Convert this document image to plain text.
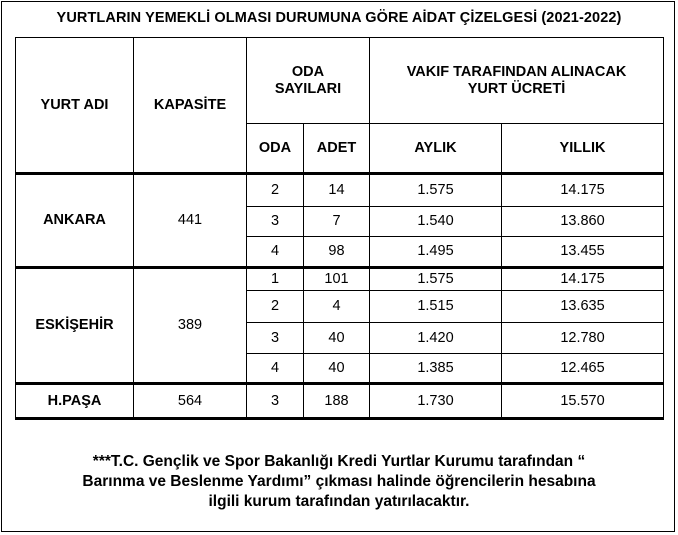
YURTLARIN YEMEKLİ OLMASI DURUMUNA GÖRE AİDAT ÇİZELGESİ (2021-2022)
YURT ADI	KAPASİTE	ODA
SAYILARI		VAKIF TARAFINDAN ALINACAK
YURT ÜCRETİ	
		ODA	ADET	AYLIK	YILLIK
ANKARA	441	2	14	1.575	14.175
		3	7	1.540	13.860
		4	98	1.495	13.455
ESKİŞEHİR	389	1	101	1.575	14.175
		2	4	1.515	13.635
		3	40	1.420	12.780
		4	40	1.385	12.465
H.PAŞA	564	3	188	1.730	15.570
***T.C. Gençlik ve Spor Bakanlığı Kredi Yurtlar Kurumu tarafından “
Barınma ve Beslenme Yardımı” çıkması halinde öğrencilerin hesabına
ilgili kurum tarafından yatırılacaktır.
